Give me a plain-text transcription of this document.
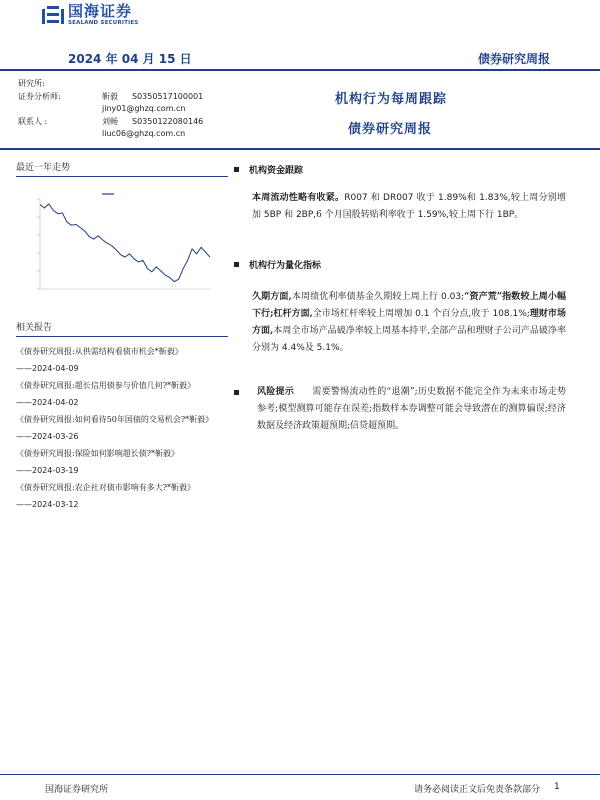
国海证券
SEALAND SECURITIES
2024 年 04 月 15 日	债券研究周报
研究所:
证券分析师:	靳毅	S0350517100001
jiny01@ghzq.com.cn
联系人 :	刘畅	S0350122080146
liuc06@ghzq.com.cn
机构行为每周跟踪
债券研究周报
最近一年走势
相关报告
《债券研究周报:从供需结构看债市机会*靳毅》
——2024-04-09
《债券研究周报:超长信用债参与价值几何?*靳毅》
——2024-04-02
《债券研究周报:如何看待50年国债的交易机会?*靳毅》
——2024-03-26
《债券研究周报:保险如何影响超长债?*靳毅》
——2024-03-19
《债券研究周报:农企社对债市影响有多大?*靳毅》
——2024-03-12
机构资金跟踪
本周流动性略有收紧。R007 和 DR007 收于 1.89%和 1.83%,较上周分别增加 5BP 和 2BP,6 个月国股转贴利率收于 1.59%,较上周下行 1BP。
机构行为量化指标
久期方面,本周绩优利率债基金久期较上周上行 0.03;“资产荒”指数较上周小幅下行;杠杆方面,全市场杠杆率较上周增加 0.1 个百分点,收于 108.1%;理财市场方面,本周全市场产品破净率较上周基本持平,全部产品和理财子公司产品破净率分别为 4.4%及 5.1%。
风险提示 需要警惕流动性的“退潮”;历史数据不能完全作为未来市场走势参考;模型测算可能存在误差;指数样本券调整可能会导致潜在的测算偏误;经济数据及经济政策超预期;信贷超预期。
国海证券研究所	请务必阅读正文后免责条款部分 1
